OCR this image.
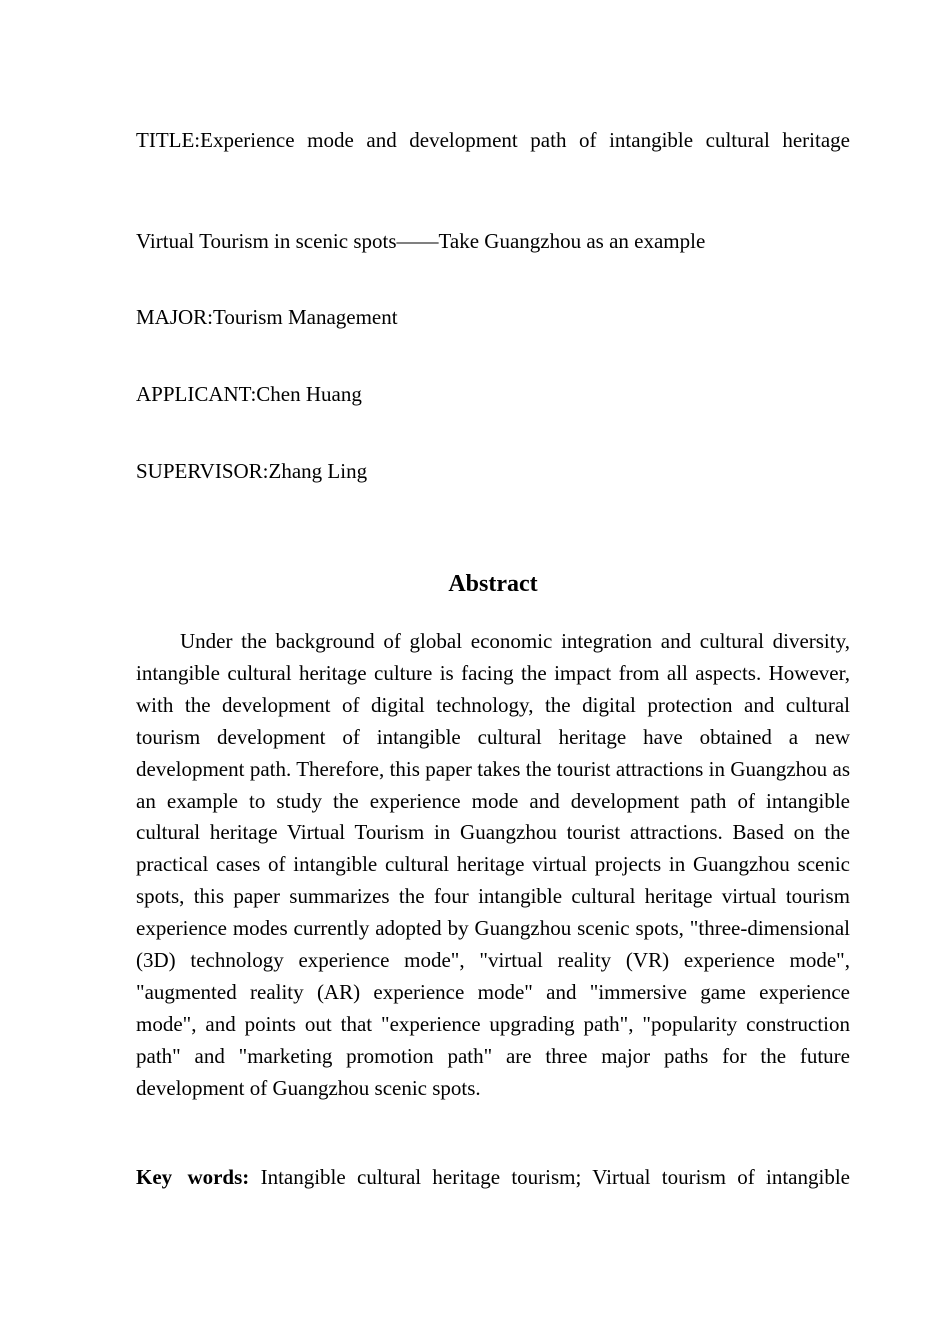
TITLE:Experience mode and development path of intangible cultural heritage
Virtual Tourism in scenic spots——Take Guangzhou as an example
MAJOR:Tourism Management
APPLICANT:Chen Huang
SUPERVISOR:Zhang Ling
Abstract

Under the background of global economic integration and cultural diversity, intangible cultural heritage culture is facing the impact from all aspects. However, with the development of digital technology, the digital protection and cultural tourism development of intangible cultural heritage have obtained a new development path. Therefore, this paper takes the tourist attractions in Guangzhou as an example to study the experience mode and development path of intangible cultural heritage Virtual Tourism in Guangzhou tourist attractions. Based on the practical cases of intangible cultural heritage virtual projects in Guangzhou scenic spots, this paper summarizes the four intangible cultural heritage virtual tourism experience modes currently adopted by Guangzhou scenic spots, "three-dimensional (3D) technology experience mode", "virtual reality (VR) experience mode", "augmented reality (AR) experience mode" and "immersive game experience mode", and points out that "experience upgrading path", "popularity construction path" and "marketing promotion path" are three major paths for the future development of Guangzhou scenic spots.

Key words: Intangible cultural heritage tourism; Virtual tourism of intangible
